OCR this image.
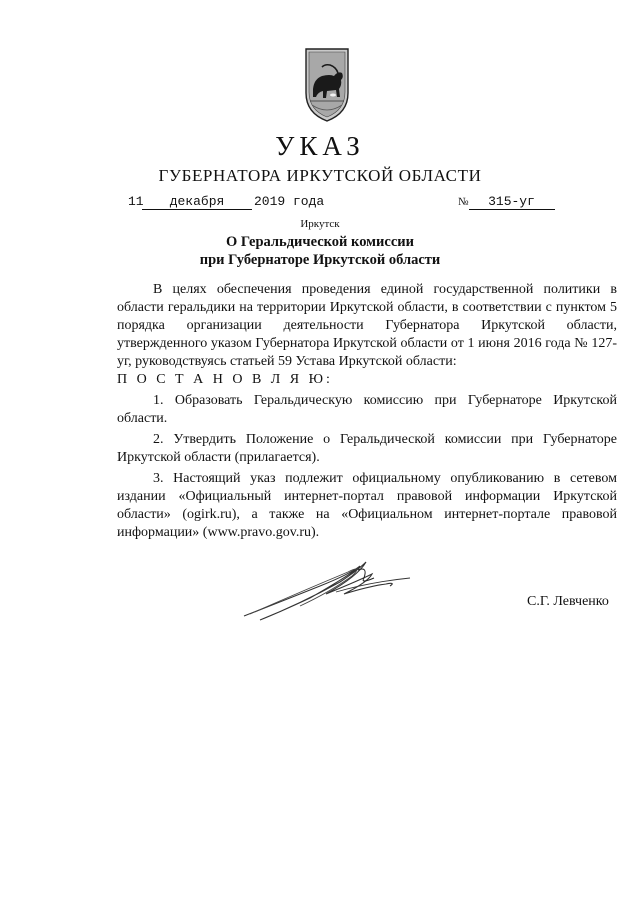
УКАЗ
ГУБЕРНАТОРА ИРКУТСКОЙ ОБЛАСТИ
11 декабря 2019 года	№ 315-уг
Иркутск
О Геральдической комиссии
при Губернаторе Иркутской области

В целях обеспечения проведения единой государственной политики в области геральдики на территории Иркутской области, в соответствии с пунктом 5 порядка организации деятельности Губернатора Иркутской области, утвержденного указом Губернатора Иркутской области от 1 июня 2016 года № 127-уг, руководствуясь статьей 59 Устава Иркутской области:

П О С Т А Н О В Л Я Ю:

1. Образовать Геральдическую комиссию при Губернаторе Иркутской области.

2. Утвердить Положение о Геральдической комиссии при Губернаторе Иркутской области (прилагается).

3. Настоящий указ подлежит официальному опубликованию в сетевом издании «Официальный интернет-портал правовой информации Иркутской области» (ogirk.ru), а также на «Официальном интернет-портале правовой информации» (www.pravo.gov.ru).

С.Г. Левченко
